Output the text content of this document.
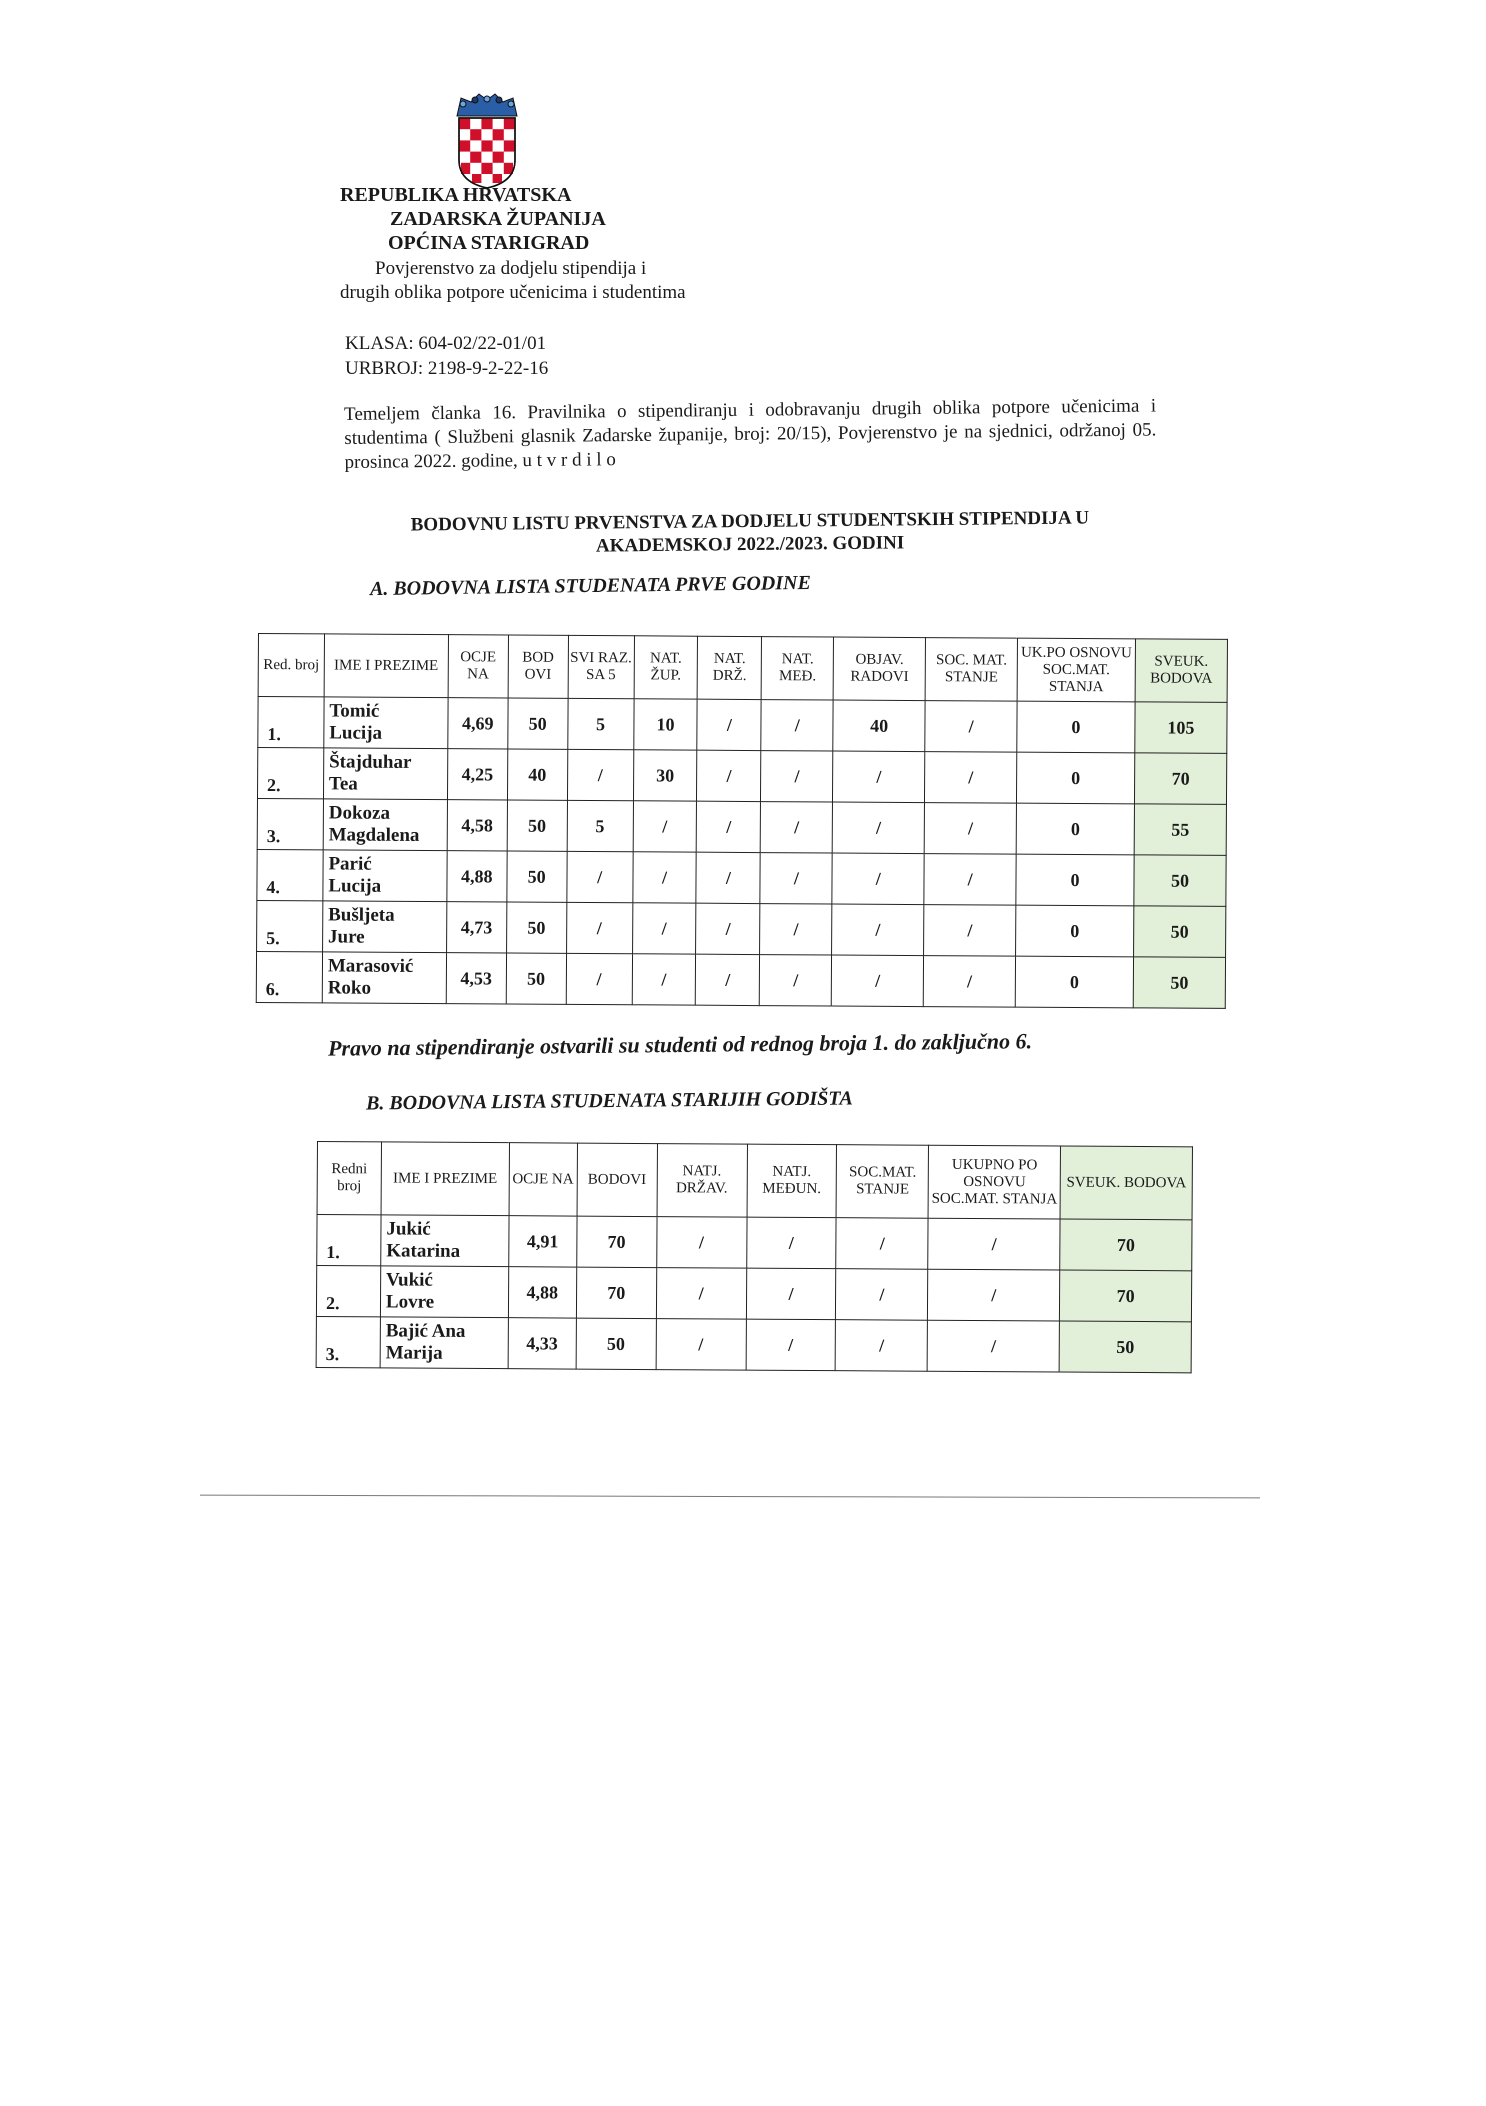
REPUBLIKA HRVATSKA
ZADARSKA ŽUPANIJA
OPĆINA STARIGRAD
Povjerenstvo za dodjelu stipendija i
drugih oblika potpore učenicima i studentima
KLASA: 604-02/22-01/01
URBROJ: 2198-9-2-22-16
Temeljem članka 16. Pravilnika o stipendiranju i odobravanju drugih oblika potpore učenicima i studentima ( Službeni glasnik Zadarske županije, broj: 20/15), Povjerenstvo je na sjednici, održanoj 05. prosinca 2022. godine, u t v r d i l o
BODOVNU LISTU PRVENSTVA ZA DODJELU STUDENTSKIH STIPENDIJA U
AKADEMSKOJ 2022./2023. GODINI
A. BODOVNA LISTA STUDENATA PRVE GODINE
Red. broj	IME I PREZIME	OCJE NA	BOD OVI	SVI RAZ. SA 5	NAT. ŽUP.	NAT. DRŽ.	NAT. MEĐ.	OBJAV. RADOVI	SOC. MAT. STANJE	UK.PO OSNOVU SOC.MAT. STANJA	SVEUK. BODOVA
1.	Tomić
Lucija	4,69	50	5	10	/	/	40	/	0	105
2.	Štajduhar
Tea	4,25	40	/	30	/	/	/	/	0	70
3.	Dokoza
Magdalena	4,58	50	5	/	/	/	/	/	0	55
4.	Parić
Lucija	4,88	50	/	/	/	/	/	/	0	50
5.	Bušljeta
Jure	4,73	50	/	/	/	/	/	/	0	50
6.	Marasović
Roko	4,53	50	/	/	/	/	/	/	0	50
Pravo na stipendiranje ostvarili su studenti od rednog broja 1. do zaključno 6.
B. BODOVNA LISTA STUDENATA STARIJIH GODIŠTA
Redni broj	IME I PREZIME	OCJE NA	BODOVI	NATJ. DRŽAV.	NATJ. MEĐUN.	SOC.MAT. STANJE	UKUPNO PO OSNOVU SOC.MAT. STANJA	SVEUK. BODOVA
1.	Jukić
Katarina	4,91	70	/	/	/	/	70
2.	Vukić
Lovre	4,88	70	/	/	/	/	70
3.	Bajić Ana
Marija	4,33	50	/	/	/	/	50
